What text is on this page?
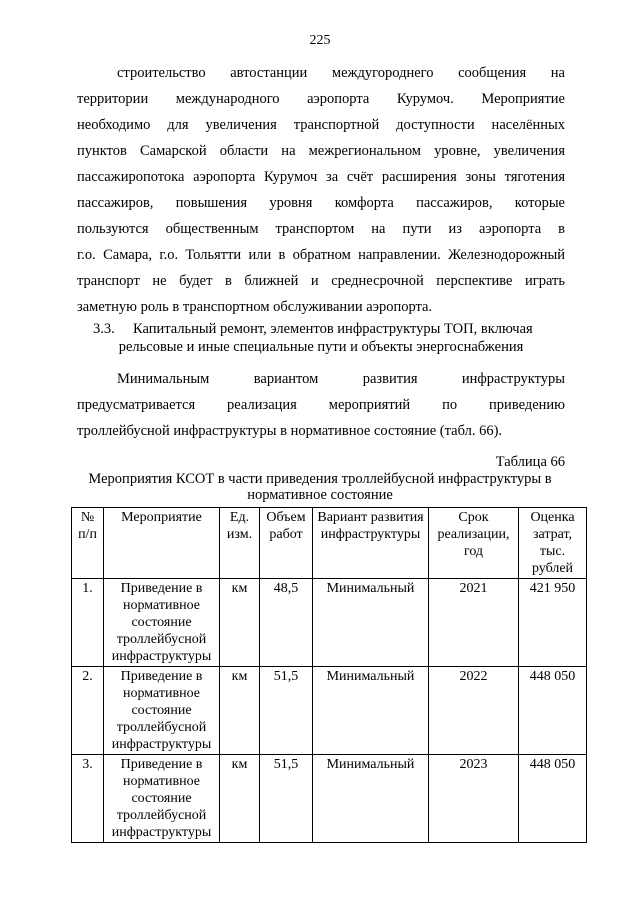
225
строительство автостанции междугороднего сообщения на
территории международного аэропорта Курумоч. Мероприятие
необходимо для увеличения транспортной доступности населённых
пунктов Самарской области на межрегиональном уровне, увеличения
пассажиропотока аэропорта Курумоч за счёт расширения зоны тяготения
пассажиров, повышения уровня комфорта пассажиров, которые
пользуются общественным транспортом на пути из аэропорта в
г.о. Самара, г.о. Тольятти или в обратном направлении. Железнодорожный
транспорт не будет в ближней и среднесрочной перспективе играть
заметную роль в транспортном обслуживании аэропорта.
3.3. Капитальный ремонт, элементов инфраструктуры ТОП, включая
рельсовые и иные специальные пути и объекты энергоснабжения
Минимальным вариантом развития инфраструктуры
предусматривается реализация мероприятий по приведению
троллейбусной инфраструктуры в нормативное состояние (табл. 66).
Таблица 66
Мероприятия КСОТ в части приведения троллейбусной инфраструктуры в нормативное состояние
№ п/п	Мероприятие	Ед. изм.	Объем работ	Вариант развития инфраструктуры	Срок реализации, год	Оценка затрат, тыс. рублей
1.	Приведение в нормативное состояние троллейбусной инфраструктуры	км	48,5	Минимальный	2021	421 950
2.	Приведение в нормативное состояние троллейбусной инфраструктуры	км	51,5	Минимальный	2022	448 050
3.	Приведение в нормативное состояние троллейбусной инфраструктуры	км	51,5	Минимальный	2023	448 050
